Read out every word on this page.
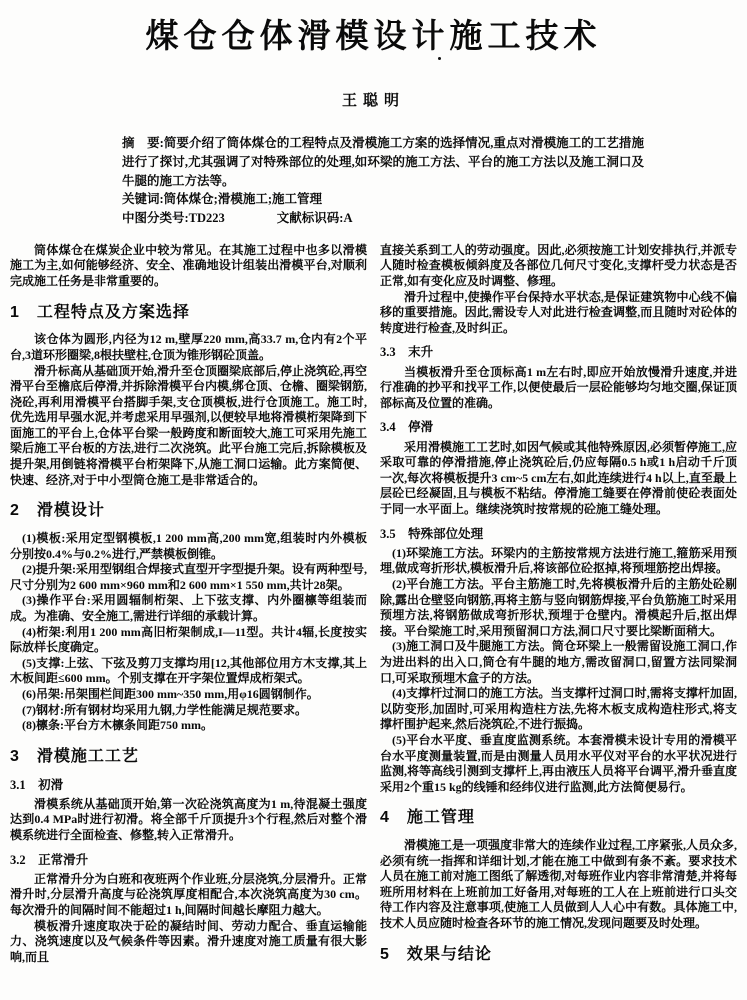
煤仓仓体滑模设计施工技术
王聪明

摘　要:简要介绍了筒体煤仓的工程特点及滑模施工方案的选择情况,重点对滑模施工的工艺措施进行了探讨,尤其强调了对特殊部位的处理,如环梁的施工方法、平台的施工方法以及施工洞口及牛腿的施工方法等。

关键词:筒体煤仓;滑模施工;施工管理

中图分类号:TD223	文献标识码:A

筒体煤仓在煤炭企业中较为常见。在其施工过程中也多以滑模施工为主,如何能够经济、安全、准确地设计组装出滑模平台,对顺利完成施工任务是非常重要的。

1　工程特点及方案选择

该仓体为圆形,内径为12 m,壁厚220 mm,高33.7 m,仓内有2个平台,3道环形圈梁,8根扶壁柱,仓顶为锥形钢砼顶盖。

滑升标高从基础顶开始,滑升至仓顶圈梁底部后,停止浇筑砼,再空滑平台至檐底后停滑,并拆除滑模平台内模,绑仓顶、仓檐、圈梁钢筋,浇砼,再利用滑模平台搭脚手架,支仓顶模板,进行仓顶施工。施工时,优先选用早强水泥,并考虑采用早强剂,以便较早地将滑模桁架降到下面施工的平台上,仓体平台梁一般跨度和断面较大,施工可采用先施工梁后施工平台板的方法,进行二次浇筑。此平台施工完后,拆除模板及提升架,用倒链将滑模平台桁架降下,从施工洞口运输。此方案简便、快速、经济,对于中小型筒仓施工是非常适合的。

2　滑模设计

(1)模板:采用定型钢模板,1 200 mm高,200 mm宽,组装时内外模板分别按0.4%与0.2%进行,严禁模板倒锥。

(2)提升架:采用型钢组合焊接式直型开字型提升架。设有两种型号,尺寸分别为2 600 mm×960 mm和2 600 mm×1 550 mm,共计28架。

(3)操作平台:采用圆辐制桁架、上下弦支撑、内外圈檩等组装而成。为准确、安全施工,需进行详细的承载计算。

(4)桁架:利用1 200 mm高旧桁架制成,I—11型。共计4辐,长度按实际放样长度确定。

(5)支撑:上弦、下弦及剪刀支撑均用[12,其他部位用方木支撑,其上木板间距≤600 mm。个别支撑在开字架位置焊成桁架式。

(6)吊架:吊架围栏间距300 mm~350 mm,用φ16圆钢制作。

(7)钢材:所有钢材均采用九钢,力学性能满足规范要求。

(8)檩条:平台方木檩条间距750 mm。

3　滑模施工工艺
3.1　初滑

滑模系统从基础顶开始,第一次砼浇筑高度为1 m,待混凝土强度达到0.4 MPa时进行初滑。将全部千斤顶提升3个行程,然后对整个滑模系统进行全面检查、修整,转入正常滑升。

3.2　正常滑升

正常滑升分为白班和夜班两个作业班,分层浇筑,分层滑升。正常滑升时,分层滑升高度与砼浇筑厚度相配合,本次浇筑高度为30 cm。每次滑升的间隔时间不能超过1 h,间隔时间越长摩阻力越大。

模板滑升速度取决于砼的凝结时间、劳动力配合、垂直运输能力、浇筑速度以及气候条件等因素。滑升速度对施工质量有很大影响,而且

直接关系到工人的劳动强度。因此,必须按施工计划安排执行,并派专人随时检查模板倾斜度及各部位几何尺寸变化,支撑杆受力状态是否正常,如有变化应及时调整、修理。

滑升过程中,使操作平台保持水平状态,是保证建筑物中心线不偏移的重要措施。因此,需设专人对此进行检查调整,而且随时对砼体的转度进行检查,及时纠正。

3.3　末升

当模板滑升至仓顶标高1 m左右时,即应开始放慢滑升速度,并进行准确的抄平和找平工作,以便使最后一层砼能够均匀地交圈,保证顶部标高及位置的准确。

3.4　停滑

采用滑模施工工艺时,如因气候或其他特殊原因,必须暂停施工,应采取可靠的停滑措施,停止浇筑砼后,仍应每隔0.5 h或1 h启动千斤顶一次,每次将模板提升3 cm~5 cm左右,如此连续进行4 h以上,直至最上层砼已经凝固,且与模板不粘结。停滑施工缝要在停滑前使砼表面处于同一水平面上。继续浇筑时按常规的砼施工缝处理。

3.5　特殊部位处理

(1)环梁施工方法。环梁内的主筋按常规方法进行施工,箍筋采用预埋,做成弯折形状,模板滑升后,将该部位砼抠掉,将预埋筋挖出焊接。

(2)平台施工方法。平台主筋施工时,先将模板滑升后的主筋处砼剔除,露出仓壁竖向钢筋,再将主筋与竖向钢筋焊接,平台负筋施工时采用预埋方法,将钢筋做成弯折形状,预埋于仓壁内。滑模起升后,抠出焊接。平台梁施工时,采用预留洞口方法,洞口尺寸要比梁断面稍大。

(3)施工洞口及牛腿施工方法。筒仓环梁上一般需留设施工洞口,作为进出料的出入口,筒仓有牛腿的地方,需改留洞口,留置方法同梁洞口,可采取预埋木盒子的方法。

(4)支撑杆过洞口的施工方法。当支撑杆过洞口时,需将支撑杆加固,以防变形,加固时,可采用构造柱方法,先将木板支成构造柱形式,将支撑杆围护起来,然后浇筑砼,不进行振捣。

(5)平台水平度、垂直度监测系统。本套滑模未设计专用的滑模平台水平度测量装置,而是由测量人员用水平仪对平台的水平状况进行监测,将等高线引测到支撑杆上,再由液压人员将平台调平,滑升垂直度采用2个重15 kg的线锤和经纬仪进行监测,此方法简便易行。

4　施工管理

滑模施工是一项强度非常大的连续作业过程,工序紧张,人员众多,必须有统一指挥和详细计划,才能在施工中做到有条不紊。要求技术人员在施工前对施工图纸了解透彻,对每班作业内容非常清楚,并将每班所用材料在上班前加工好备用,对每班的工人在上班前进行口头交待工作内容及注意事项,使施工人员做到人人心中有数。具体施工中,技术人员应随时检查各环节的施工情况,发现问题要及时处理。

5　效果与结论
